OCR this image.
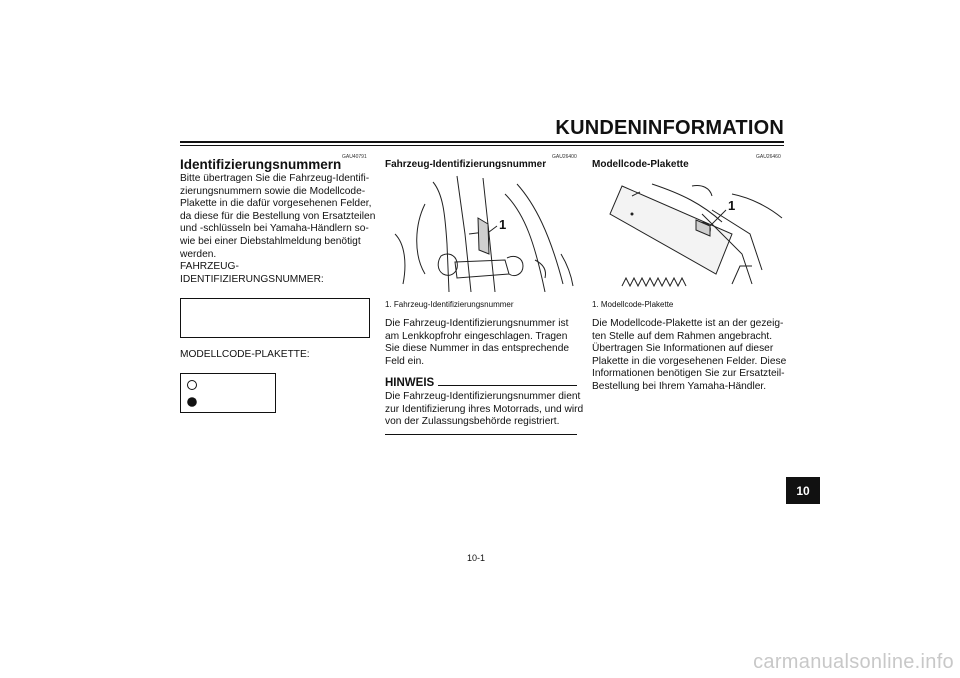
KUNDENINFORMATION
GAU40791
Identifizierungsnummern
Bitte übertragen Sie die Fahrzeug-Identifi-
zierungsnummern sowie die Modellcode-
Plakette in die dafür vorgesehenen Felder,
da diese für die Bestellung von Ersatzteilen
und -schlüsseln bei Yamaha-Händlern so-
wie bei einer Diebstahlmeldung benötigt
werden.
FAHRZEUG-
IDENTIFIZIERUNGSNUMMER:
MODELLCODE-PLAKETTE:
GAU26400
Fahrzeug-Identifizierungsnummer
1
1. Fahrzeug-Identifizierungsnummer
Die Fahrzeug-Identifizierungsnummer ist
am Lenkkopfrohr eingeschlagen. Tragen
Sie diese Nummer in das entsprechende
Feld ein.
HINWEIS
Die Fahrzeug-Identifizierungsnummer dient
zur Identifizierung ihres Motorrads, und wird
von der Zulassungsbehörde registriert.
GAU26460
Modellcode-Plakette
1
1. Modellcode-Plakette
Die Modellcode-Plakette ist an der gezeig-
ten Stelle auf dem Rahmen angebracht.
Übertragen Sie Informationen auf dieser
Plakette in die vorgesehenen Felder. Diese
Informationen benötigen Sie zur Ersatzteil-
Bestellung bei Ihrem Yamaha-Händler.
10
10-1
carmanualsonline.info
